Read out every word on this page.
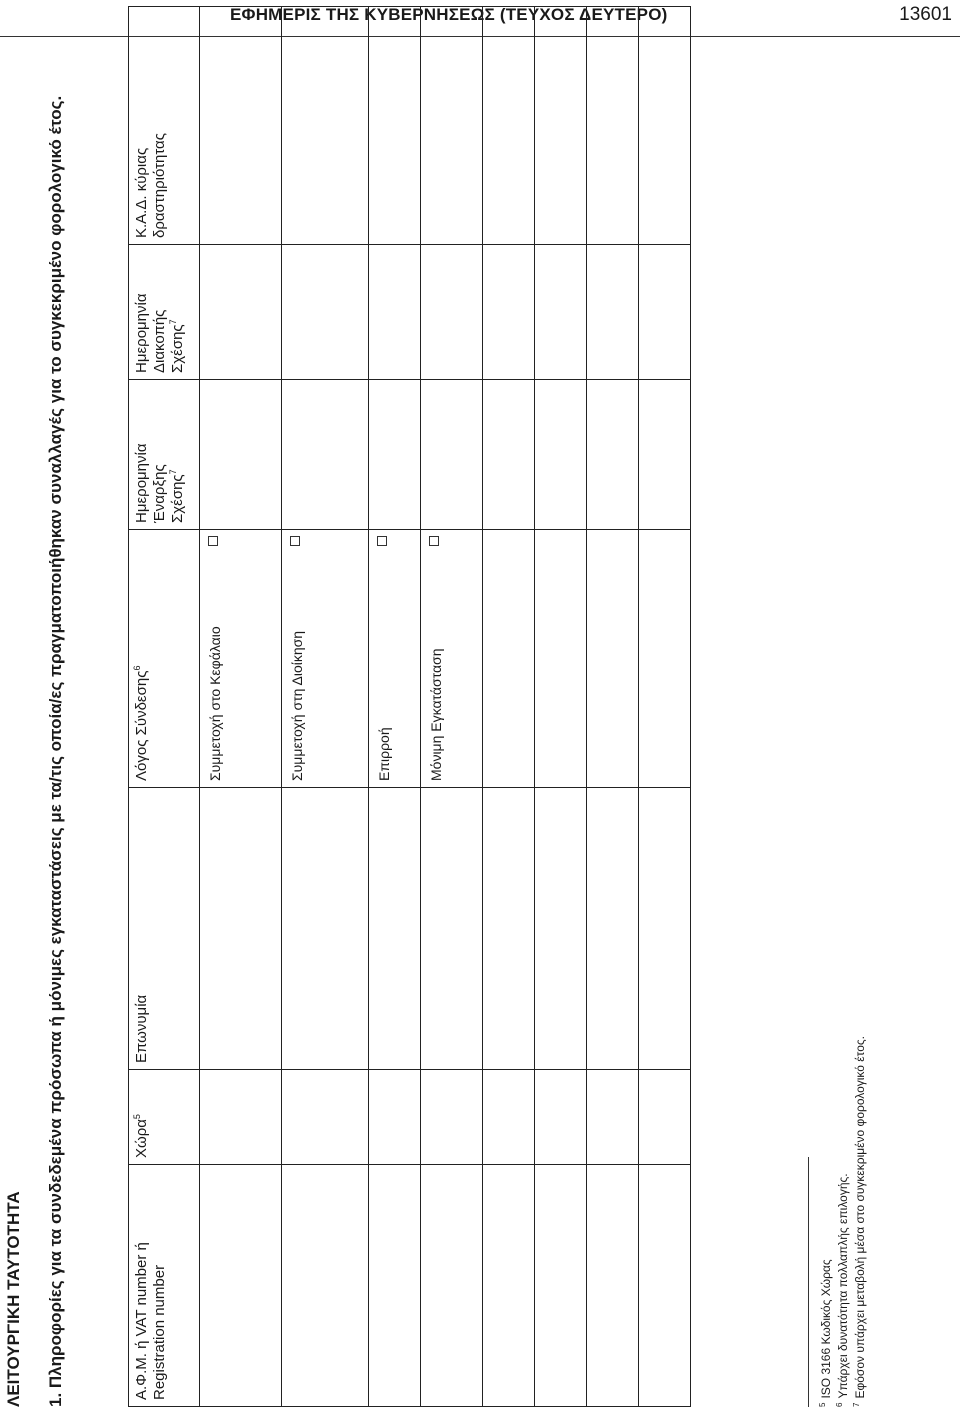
ΕΦΗΜΕΡΙΣ ΤΗΣ ΚΥΒΕΡΝΗΣΕΩΣ (ΤΕΥΧΟΣ ΔΕΥΤΕΡΟ)	13601
ΛΕΙΤΟΥΡΓΙΚΗ ΤΑΥΤΟΤΗΤΑ	1. Πληροφορίες για τα συνδεδεμένα πρόσωπα ή μόνιμες εγκαταστάσεις με τα/τις οποία/ες πραγματοποιήθηκαν συναλλαγές για το συγκεκριμένο φορολογικό έτος.	Α.Φ.Μ. ή VAT number ή
Registration number	Χώρα$^5$	Επωνυμία	Λόγος Σύνδεσης$^6$	Ημερομηνία
Έναρξης
Σχέσης$^7$	Ημερομηνία
Διακοπής
Σχέσης$^7$	Κ.Α.Δ. κύριας
δραστηριότητας

			Συμμετοχή στο Κεφάλαιο			

			Συμμετοχή στη Διοίκηση			

			Επιρροή			

			Μόνιμη Εγκατάσταση			

$^5$ISO 3166 Κωδικός Χώρας
$^6$Υπάρχει δυνατότητα πολλαπλής επιλογής.
$^7$Εφόσον υπάρχει μεταβολή μέσα στο συγκεκριμένο φορολογικό έτος.
